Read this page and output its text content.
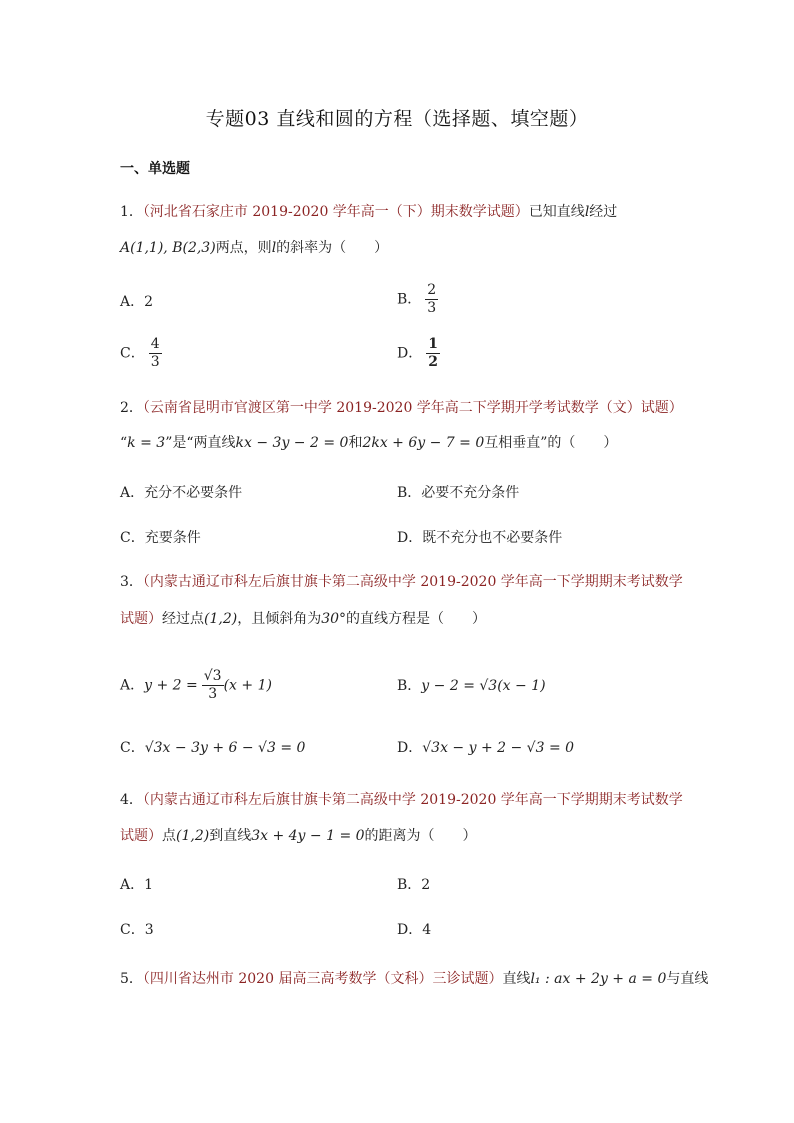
专题03 直线和圆的方程（选择题、填空题）
一、单选题
1．（河北省石家庄市 2019-2020 学年高一（下）期末数学试题）已知直线l经过
A(1,1), B(2,3)两点，则l的斜率为（　　）
A．2	B． $\frac{2}{3}$
C． $\frac{4}{3}$	D． $\frac{1}{2}$
2．（云南省昆明市官渡区第一中学 2019-2020 学年高二下学期开学考试数学（文）试题）
“k = 3”是“两直线kx − 3y − 2 = 0和2kx + 6y − 7 = 0互相垂直”的（　　）
A．充分不必要条件	B．必要不充分条件
C．充要条件	D．既不充分也不必要条件
3．（内蒙古通辽市科左后旗甘旗卡第二高级中学 2019-2020 学年高一下学期期末考试数学
试题）经过点(1,2)，且倾斜角为30°的直线方程是（　　）
A．$y + 2 = \frac{√3}{3} (x + 1)$	B．y − 2 = √3(x − 1)
C．√3x − 3y + 6 − √3 = 0	D．√3x − y + 2 − √3 = 0
4．（内蒙古通辽市科左后旗甘旗卡第二高级中学 2019-2020 学年高一下学期期末考试数学
试题）点(1,2)到直线3x + 4y − 1 = 0的距离为（　　）
A．1	B．2
C．3	D．4
5．（四川省达州市 2020 届高三高考数学（文科）三诊试题）直线l₁ : ax + 2y + a = 0与直线
